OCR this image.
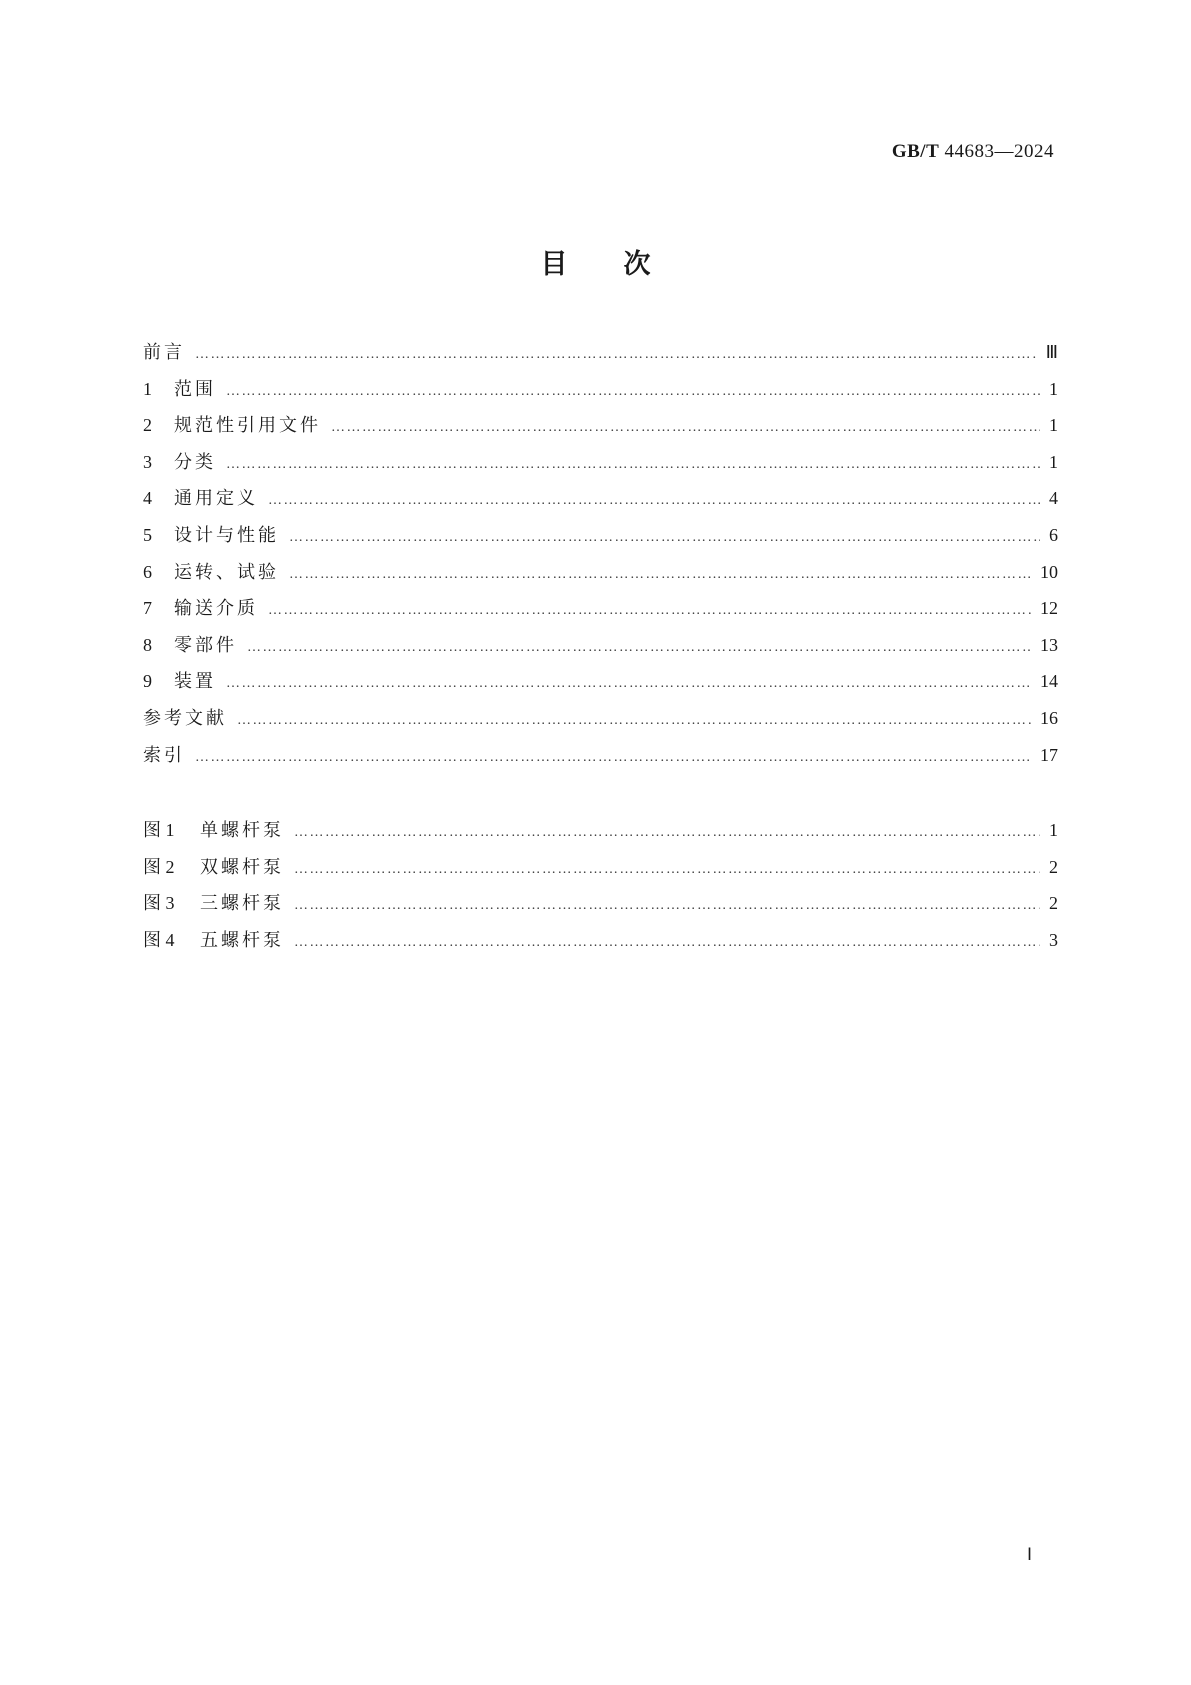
GB/T 44683—2024
目次
前言 …………………………………………………………………………………………………………………………………………………………………………………………………………………	Ⅲ
1	范围 …………………………………………………………………………………………………………………………………………………………………………………………………………………	1
2	规范性引用文件 …………………………………………………………………………………………………………………………………………………………………………………………………………………	1
3	分类 …………………………………………………………………………………………………………………………………………………………………………………………………………………	1
4	通用定义 …………………………………………………………………………………………………………………………………………………………………………………………………………………	4
5	设计与性能 …………………………………………………………………………………………………………………………………………………………………………………………………………………	6
6	运转、试验 …………………………………………………………………………………………………………………………………………………………………………………………………………………	10
7	输送介质 …………………………………………………………………………………………………………………………………………………………………………………………………………………	12
8	零部件 …………………………………………………………………………………………………………………………………………………………………………………………………………………	13
9	装置 …………………………………………………………………………………………………………………………………………………………………………………………………………………	14
参考文献 …………………………………………………………………………………………………………………………………………………………………………………………………………………	16
索引 …………………………………………………………………………………………………………………………………………………………………………………………………………………	17
图 1	单螺杆泵 …………………………………………………………………………………………………………………………………………………………………………………………………………………	1
图 2	双螺杆泵 …………………………………………………………………………………………………………………………………………………………………………………………………………………	2
图 3	三螺杆泵 …………………………………………………………………………………………………………………………………………………………………………………………………………………	2
图 4	五螺杆泵 …………………………………………………………………………………………………………………………………………………………………………………………………………………	3
Ⅰ
